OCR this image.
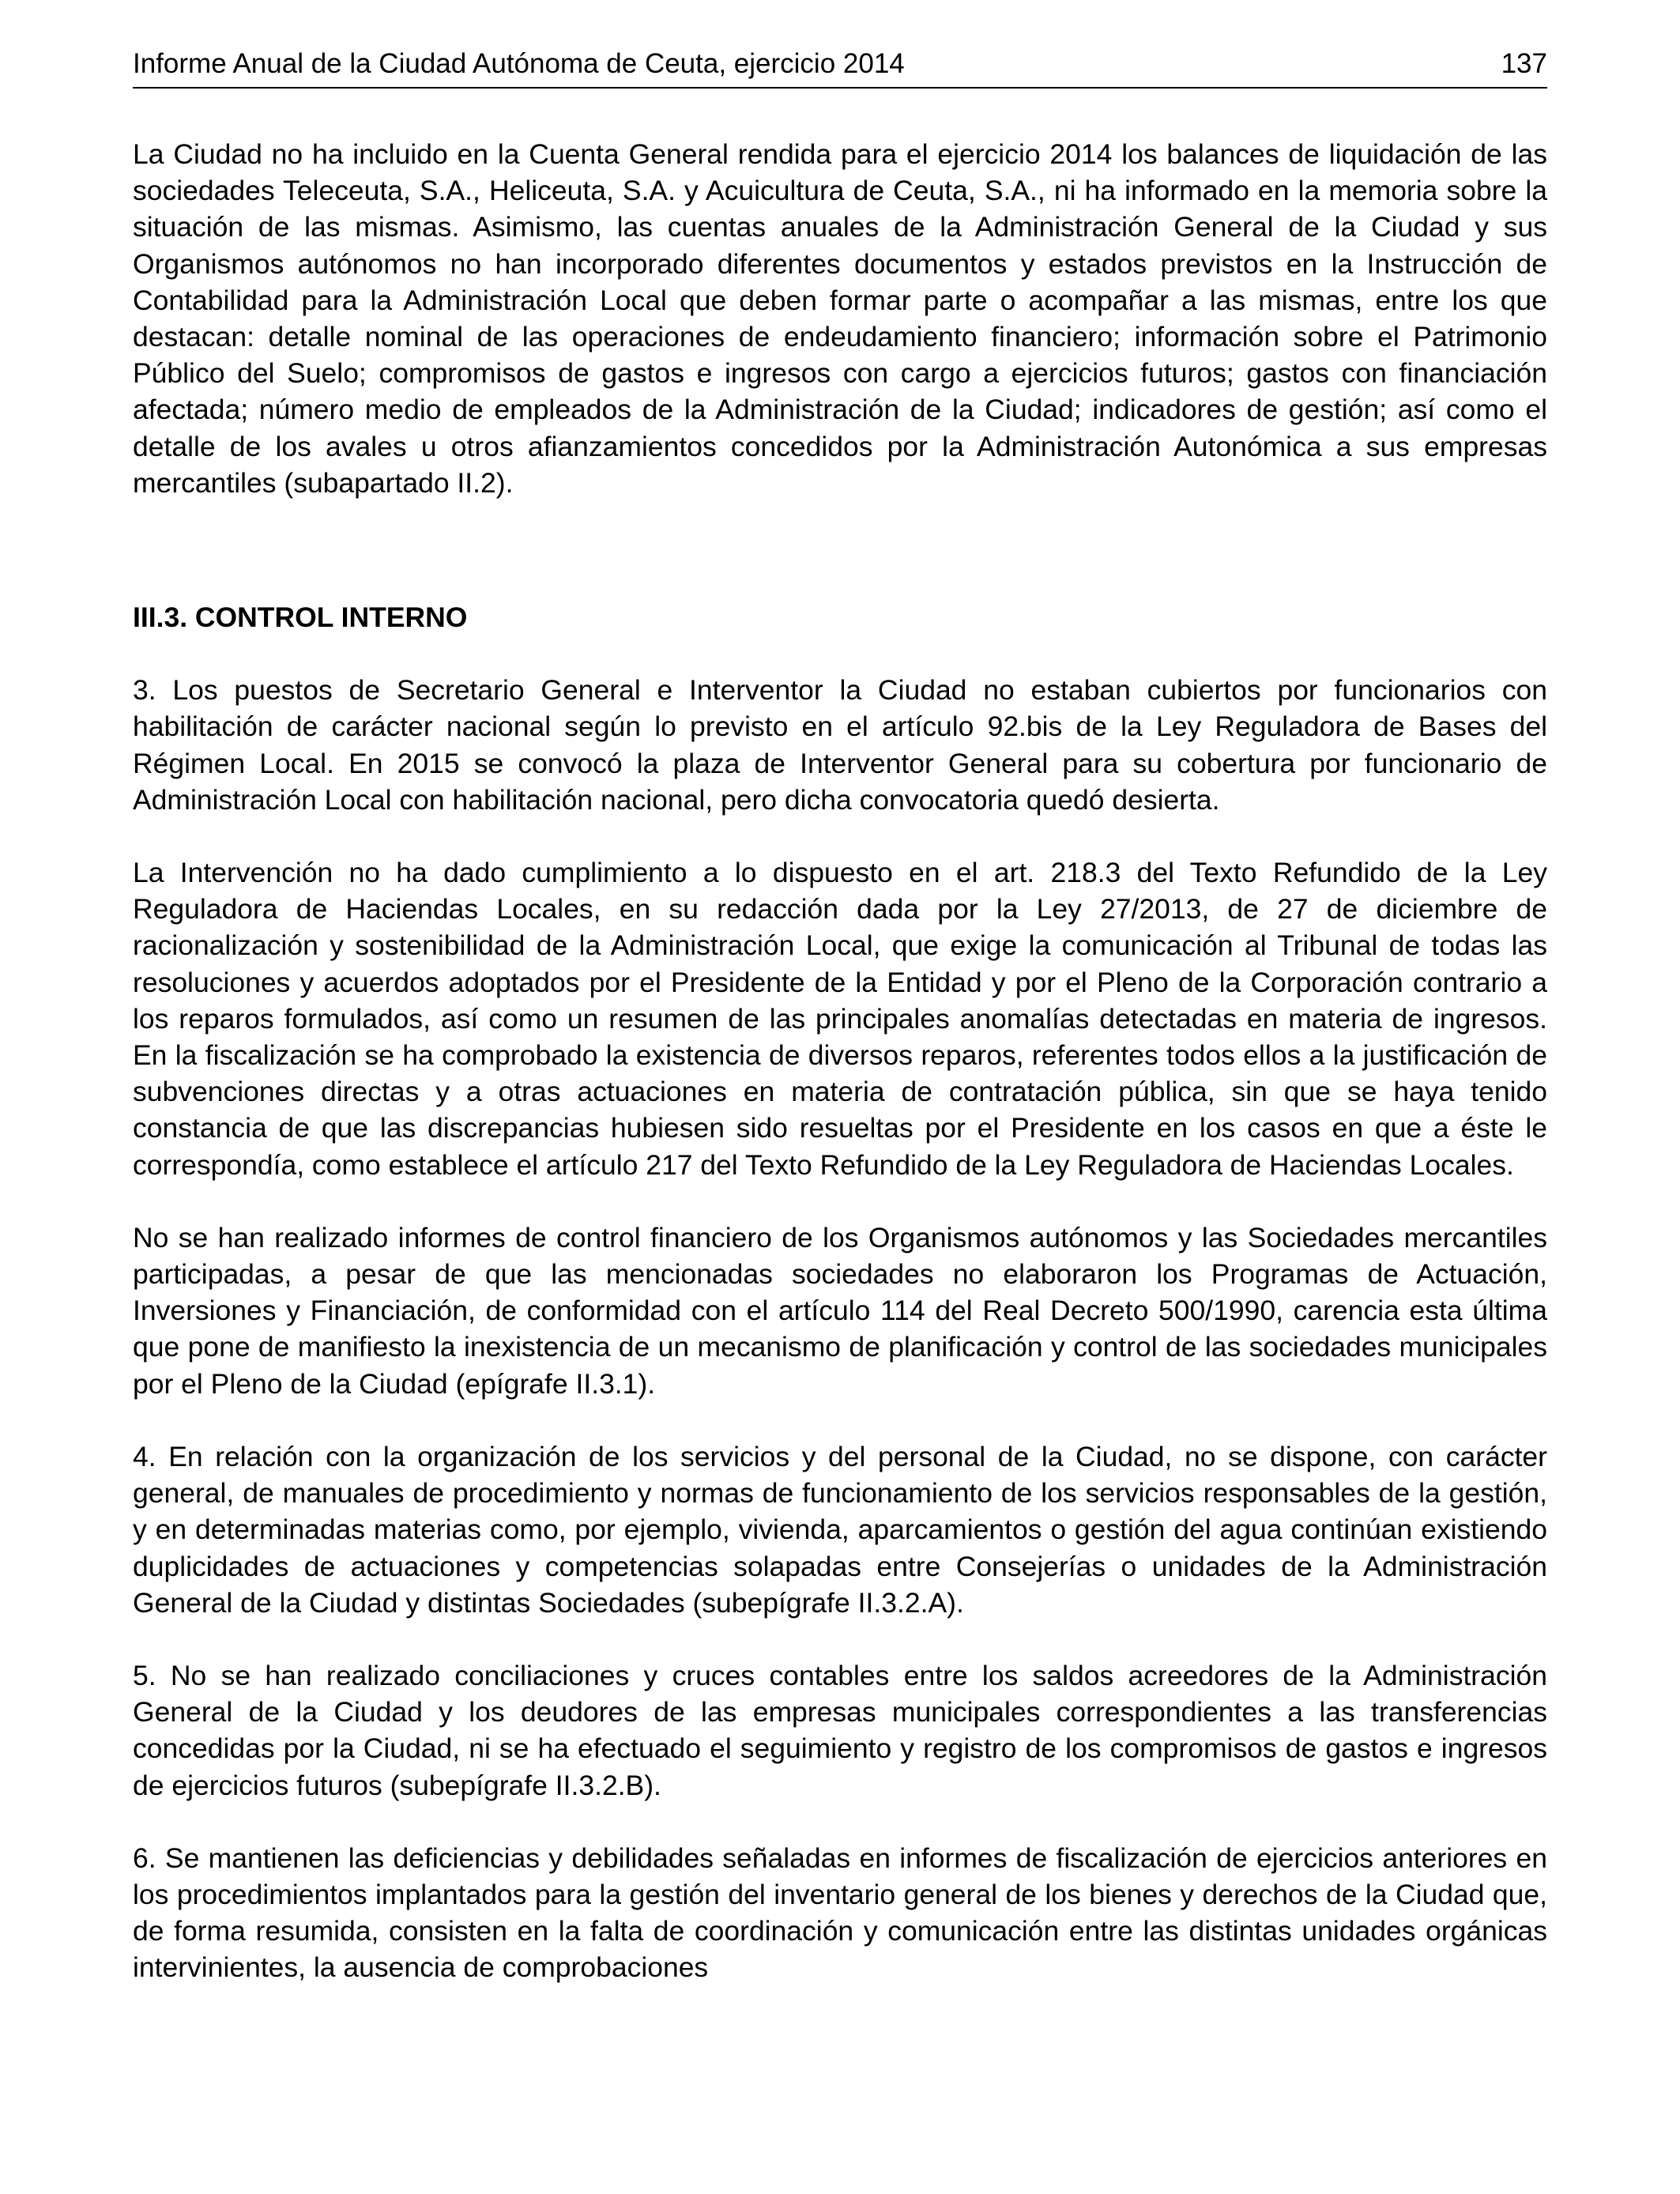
Informe Anual de la Ciudad Autónoma de Ceuta, ejercicio 2014	137

La Ciudad no ha incluido en la Cuenta General rendida para el ejercicio 2014 los balances de liquidación de las sociedades Teleceuta, S.A., Heliceuta, S.A. y Acuicultura de Ceuta, S.A., ni ha informado en la memoria sobre la situación de las mismas. Asimismo, las cuentas anuales de la Administración General de la Ciudad y sus Organismos autónomos no han incorporado diferentes documentos y estados previstos en la Instrucción de Contabilidad para la Administración Local que deben formar parte o acompañar a las mismas, entre los que destacan: detalle nominal de las operaciones de endeudamiento financiero; información sobre el Patrimonio Público del Suelo; compromisos de gastos e ingresos con cargo a ejercicios futuros; gastos con financiación afectada; número medio de empleados de la Administración de la Ciudad; indicadores de gestión; así como el detalle de los avales u otros afianzamientos concedidos por la Administración Autonómica a sus empresas mercantiles (subapartado II.2).

III.3. CONTROL INTERNO

3. Los puestos de Secretario General e Interventor la Ciudad no estaban cubiertos por funcionarios con habilitación de carácter nacional según lo previsto en el artículo 92.bis de la Ley Reguladora de Bases del Régimen Local. En 2015 se convocó la plaza de Interventor General para su cobertura por funcionario de Administración Local con habilitación nacional, pero dicha convocatoria quedó desierta.

La Intervención no ha dado cumplimiento a lo dispuesto en el art. 218.3 del Texto Refundido de la Ley Reguladora de Haciendas Locales, en su redacción dada por la Ley 27/2013, de 27 de diciembre de racionalización y sostenibilidad de la Administración Local, que exige la comunicación al Tribunal de todas las resoluciones y acuerdos adoptados por el Presidente de la Entidad y por el Pleno de la Corporación contrario a los reparos formulados, así como un resumen de las principales anomalías detectadas en materia de ingresos. En la fiscalización se ha comprobado la existencia de diversos reparos, referentes todos ellos a la justificación de subvenciones directas y a otras actuaciones en materia de contratación pública, sin que se haya tenido constancia de que las discrepancias hubiesen sido resueltas por el Presidente en los casos en que a éste le correspondía, como establece el artículo 217 del Texto Refundido de la Ley Reguladora de Haciendas Locales.

No se han realizado informes de control financiero de los Organismos autónomos y las Sociedades mercantiles participadas, a pesar de que las mencionadas sociedades no elaboraron los Programas de Actuación, Inversiones y Financiación, de conformidad con el artículo 114 del Real Decreto 500/1990, carencia esta última que pone de manifiesto la inexistencia de un mecanismo de planificación y control de las sociedades municipales por el Pleno de la Ciudad (epígrafe II.3.1).

4. En relación con la organización de los servicios y del personal de la Ciudad, no se dispone, con carácter general, de manuales de procedimiento y normas de funcionamiento de los servicios responsables de la gestión, y en determinadas materias como, por ejemplo, vivienda, aparcamientos o gestión del agua continúan existiendo duplicidades de actuaciones y competencias solapadas entre Consejerías o unidades de la Administración General de la Ciudad y distintas Sociedades (subepígrafe II.3.2.A).

5. No se han realizado conciliaciones y cruces contables entre los saldos acreedores de la Administración General de la Ciudad y los deudores de las empresas municipales correspondientes a las transferencias concedidas por la Ciudad, ni se ha efectuado el seguimiento y registro de los compromisos de gastos e ingresos de ejercicios futuros (subepígrafe II.3.2.B).

6. Se mantienen las deficiencias y debilidades señaladas en informes de fiscalización de ejercicios anteriores en los procedimientos implantados para la gestión del inventario general de los bienes y derechos de la Ciudad que, de forma resumida, consisten en la falta de coordinación y comunicación entre las distintas unidades orgánicas intervinientes, la ausencia de comprobaciones
